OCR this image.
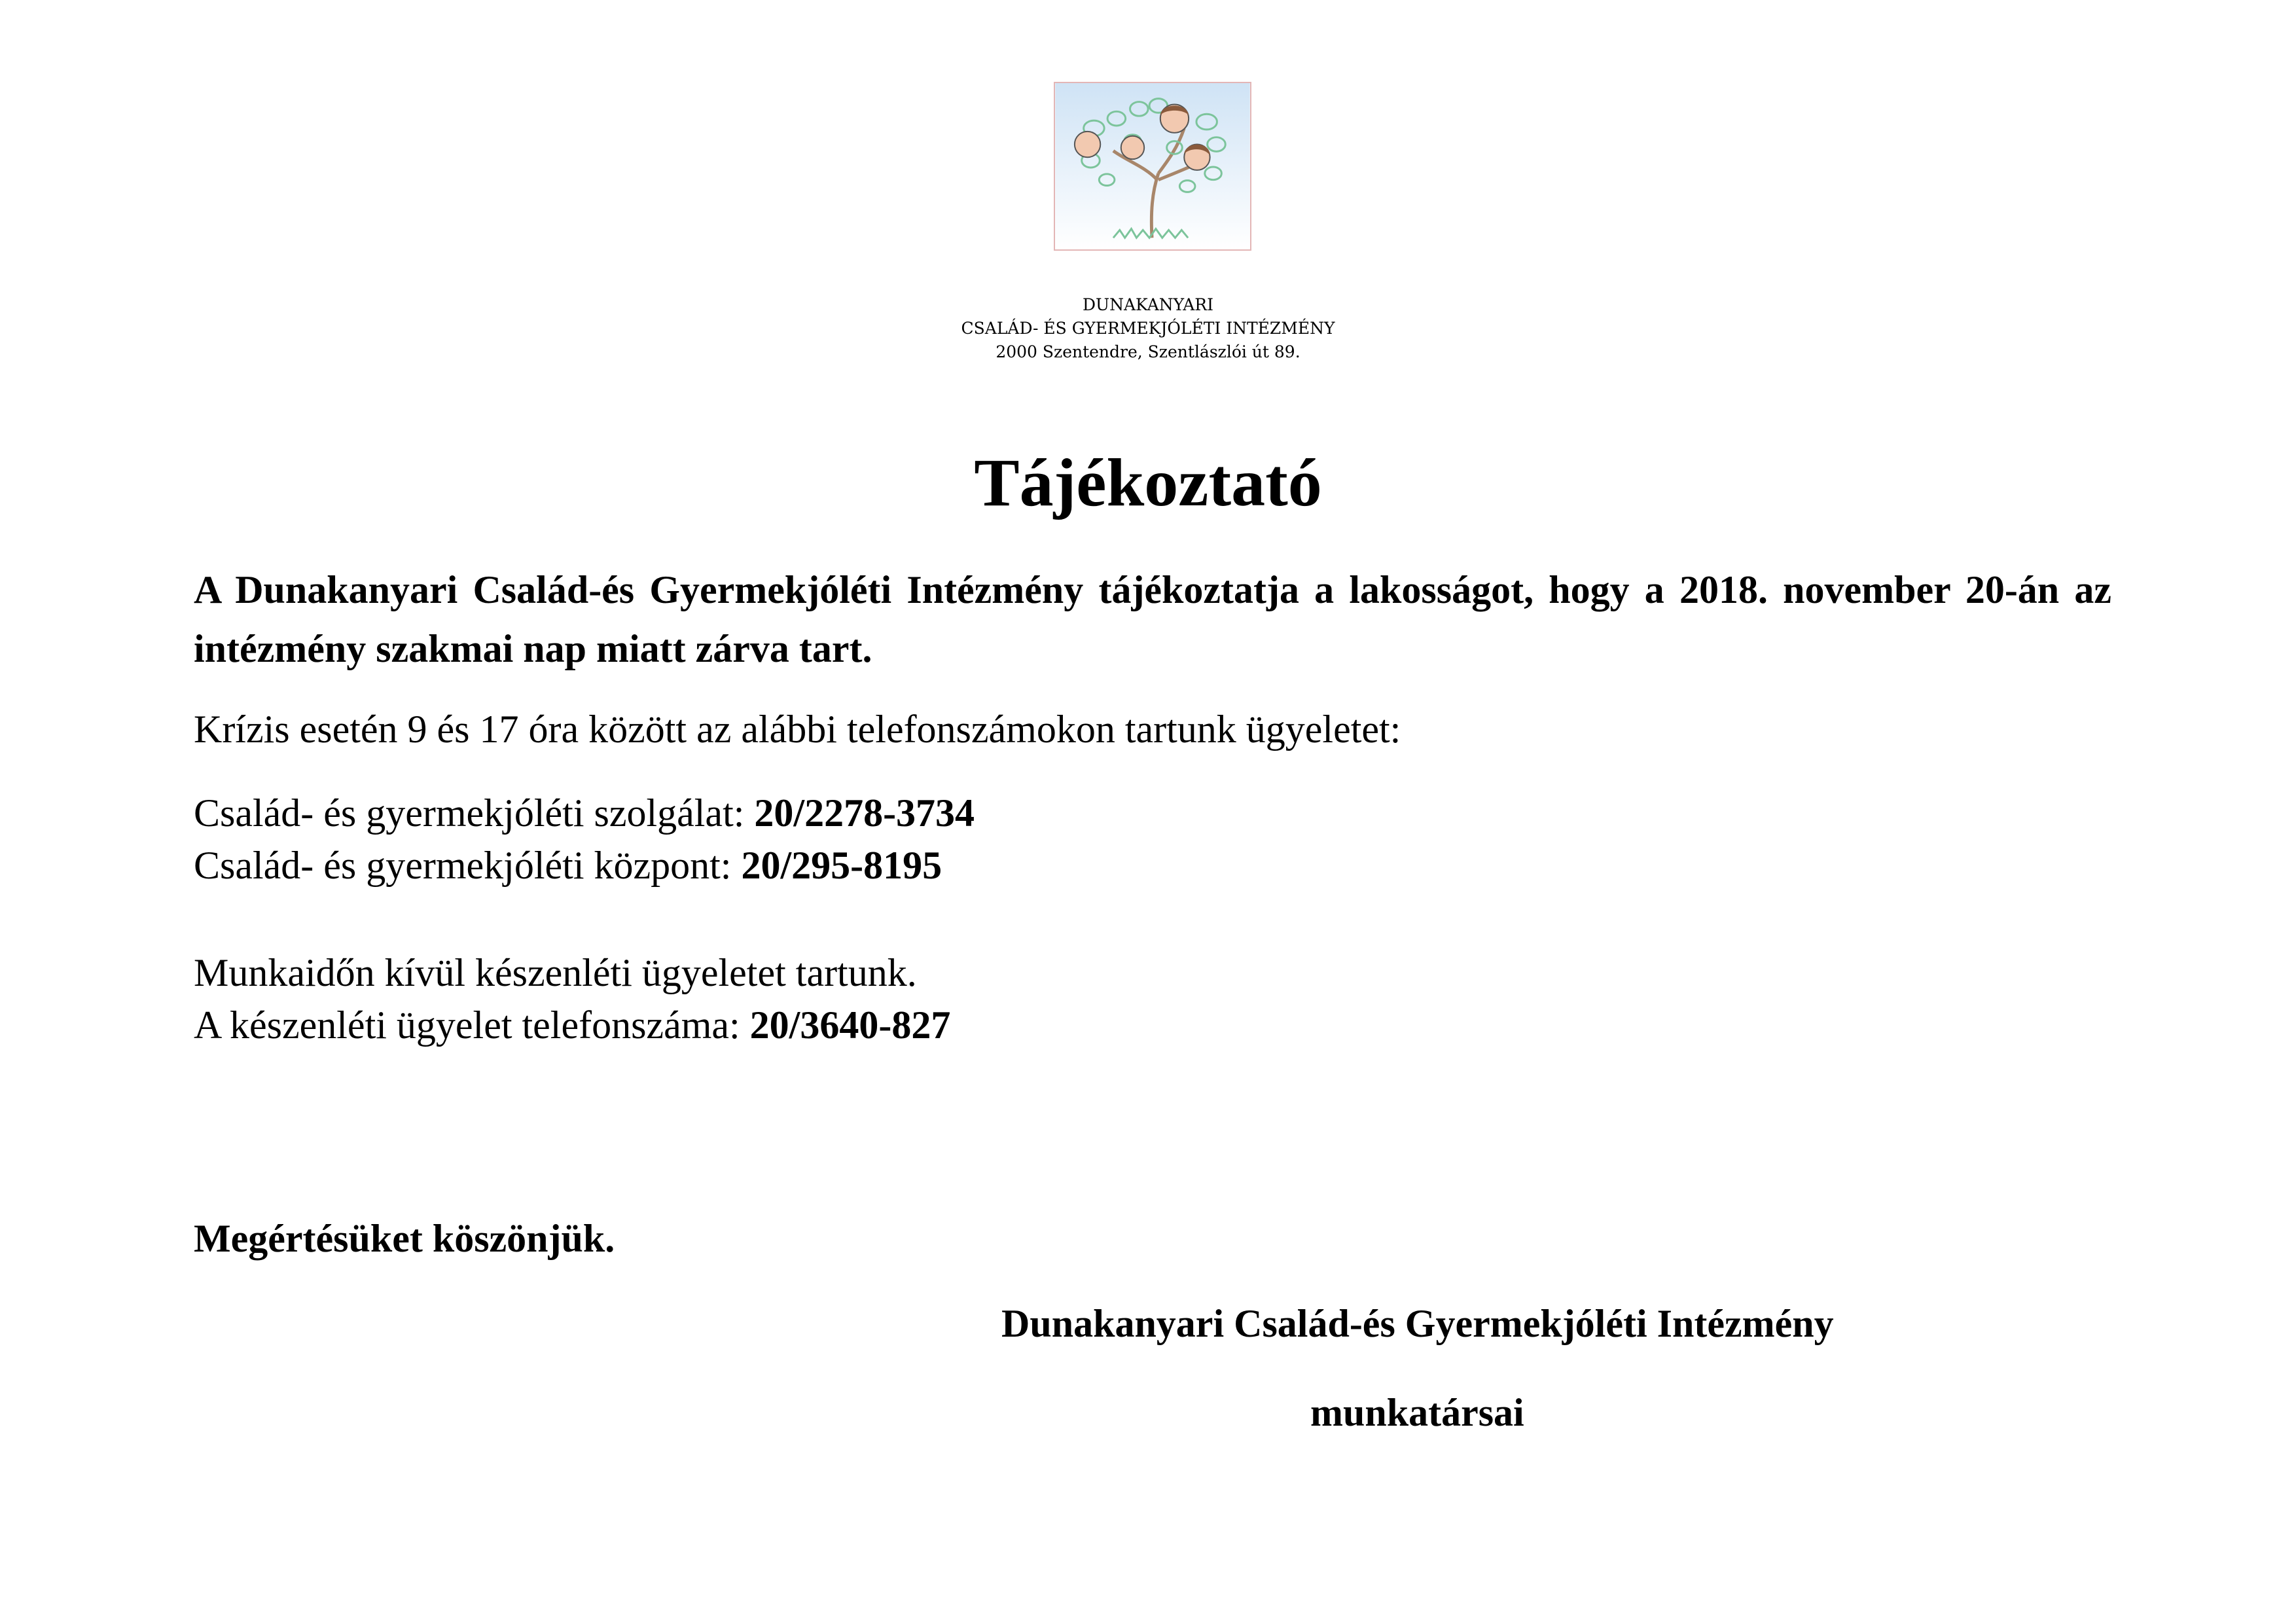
DUNAKANYARI
CSALÁD- ÉS GYERMEKJÓLÉTI INTÉZMÉNY
2000 Szentendre, Szentlászlói út 89.
Tájékoztató
A Dunakanyari Család-és Gyermekjóléti Intézmény tájékoztatja a lakosságot, hogy a 2018. november 20-án az intézmény szakmai nap miatt zárva tart.
Krízis esetén 9 és 17 óra között az alábbi telefonszámokon tartunk ügyeletet:
Család- és gyermekjóléti szolgálat: 20/2278-3734
Család- és gyermekjóléti központ: 20/295-8195
Munkaidőn kívül készenléti ügyeletet tartunk.
A készenléti ügyelet telefonszáma: 20/3640-827
Megértésüket köszönjük.
Dunakanyari Család-és Gyermekjóléti Intézmény
munkatársai
